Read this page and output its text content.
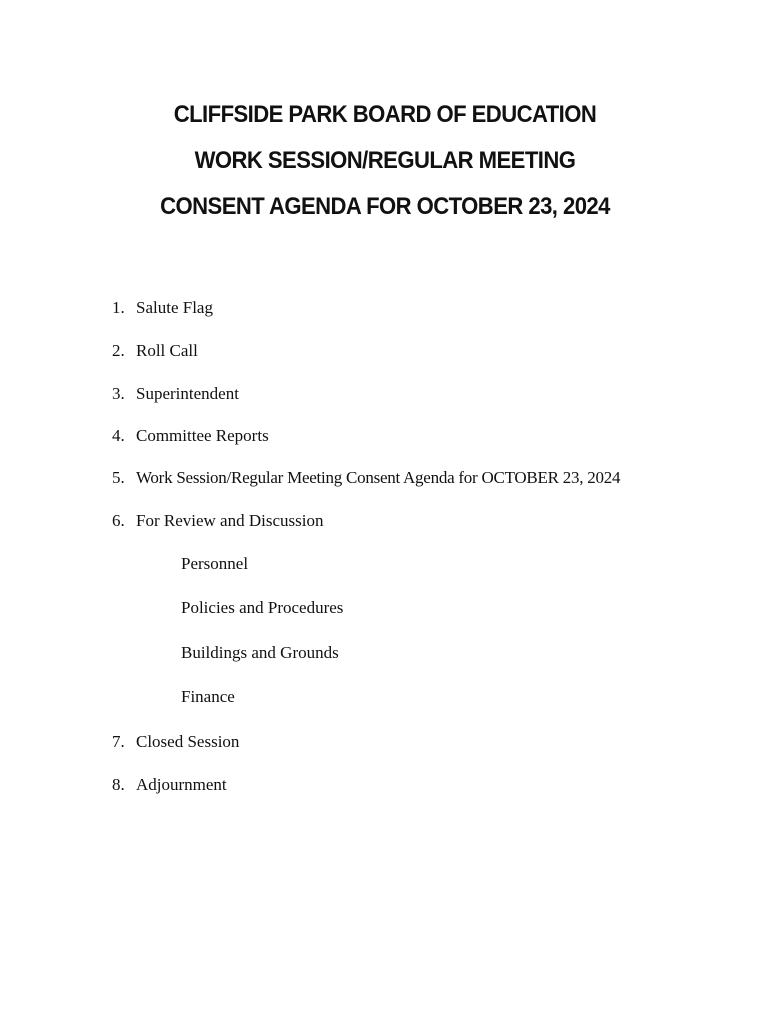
CLIFFSIDE PARK BOARD OF EDUCATION
WORK SESSION/REGULAR MEETING
CONSENT AGENDA FOR OCTOBER 23, 2024
1. Salute Flag
2. Roll Call
3. Superintendent
4. Committee Reports
5. Work Session/Regular Meeting Consent Agenda for OCTOBER 23, 2024
6. For Review and Discussion
Personnel
Policies and Procedures
Buildings and Grounds
Finance
7. Closed Session
8. Adjournment
